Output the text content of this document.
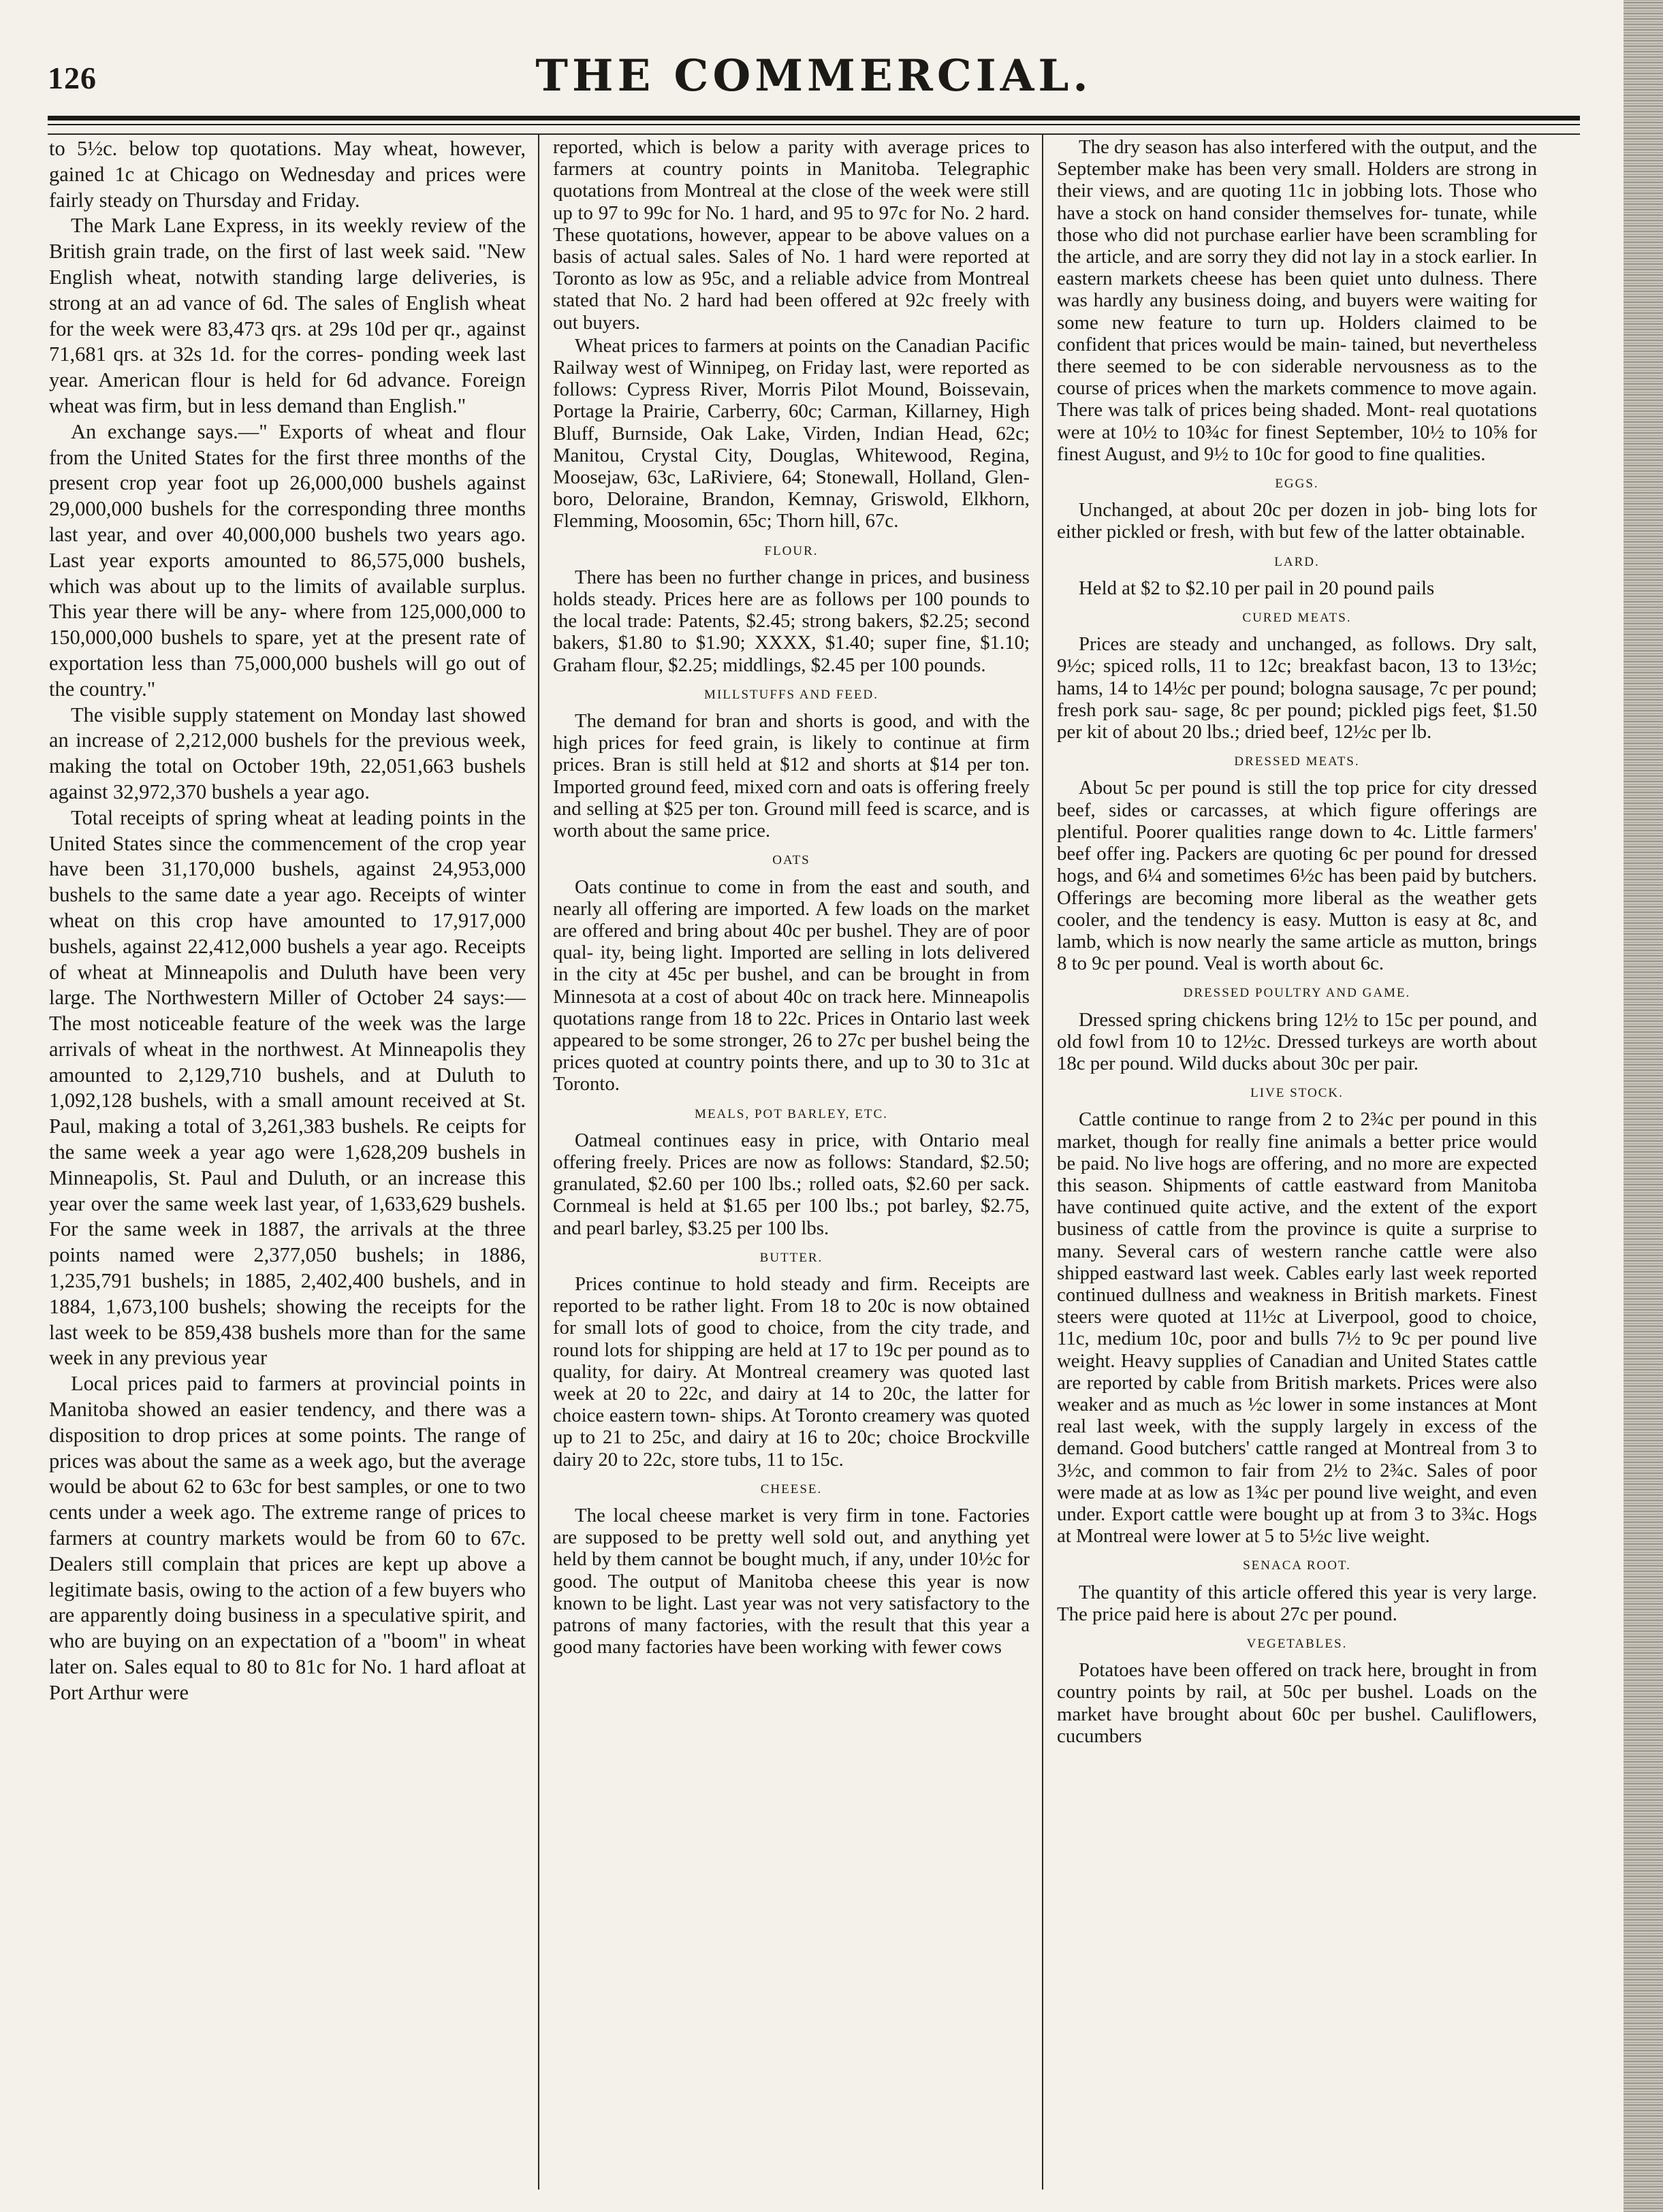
126	THE COMMERCIAL.

to 5½c. below top quotations. May wheat, however, gained 1c at Chicago on Wednesday and prices were fairly steady on Thursday and Friday.

The Mark Lane Express, in its weekly review of the British grain trade, on the first of last week said. "New English wheat, notwith standing large deliveries, is strong at an ad vance of 6d. The sales of English wheat for the week were 83,473 qrs. at 29s 10d per qr., against 71,681 qrs. at 32s 1d. for the corres- ponding week last year. American flour is held for 6d advance. Foreign wheat was firm, but in less demand than English."

An exchange says.—" Exports of wheat and flour from the United States for the first three months of the present crop year foot up 26,000,000 bushels against 29,000,000 bushels for the corresponding three months last year, and over 40,000,000 bushels two years ago. Last year exports amounted to 86,575,000 bushels, which was about up to the limits of available surplus. This year there will be any- where from 125,000,000 to 150,000,000 bushels to spare, yet at the present rate of exportation less than 75,000,000 bushels will go out of the country."

The visible supply statement on Monday last showed an increase of 2,212,000 bushels for the previous week, making the total on October 19th, 22,051,663 bushels against 32,972,370 bushels a year ago.

Total receipts of spring wheat at leading points in the United States since the commencement of the crop year have been 31,170,000 bushels, against 24,953,000 bushels to the same date a year ago. Receipts of winter wheat on this crop have amounted to 17,917,000 bushels, against 22,412,000 bushels a year ago. Receipts of wheat at Minneapolis and Duluth have been very large. The Northwestern Miller of October 24 says:—The most noticeable feature of the week was the large arrivals of wheat in the northwest. At Minneapolis they amounted to 2,129,710 bushels, and at Duluth to 1,092,128 bushels, with a small amount received at St. Paul, making a total of 3,261,383 bushels. Re ceipts for the same week a year ago were 1,628,209 bushels in Minneapolis, St. Paul and Duluth, or an increase this year over the same week last year, of 1,633,629 bushels. For the same week in 1887, the arrivals at the three points named were 2,377,050 bushels; in 1886, 1,235,791 bushels; in 1885, 2,402,400 bushels, and in 1884, 1,673,100 bushels; showing the receipts for the last week to be 859,438 bushels more than for the same week in any previous year

Local prices paid to farmers at provincial points in Manitoba showed an easier tendency, and there was a disposition to drop prices at some points. The range of prices was about the same as a week ago, but the average would be about 62 to 63c for best samples, or one to two cents under a week ago. The extreme range of prices to farmers at country markets would be from 60 to 67c. Dealers still complain that prices are kept up above a legitimate basis, owing to the action of a few buyers who are apparently doing business in a speculative spirit, and who are buying on an expectation of a "boom" in wheat later on. Sales equal to 80 to 81c for No. 1 hard afloat at Port Arthur were

reported, which is below a parity with average prices to farmers at country points in Manitoba. Telegraphic quotations from Montreal at the close of the week were still up to 97 to 99c for No. 1 hard, and 95 to 97c for No. 2 hard. These quotations, however, appear to be above values on a basis of actual sales. Sales of No. 1 hard were reported at Toronto as low as 95c, and a reliable advice from Montreal stated that No. 2 hard had been offered at 92c freely with out buyers.

Wheat prices to farmers at points on the Canadian Pacific Railway west of Winnipeg, on Friday last, were reported as follows: Cypress River, Morris Pilot Mound, Boissevain, Portage la Prairie, Carberry, 60c; Carman, Killarney, High Bluff, Burnside, Oak Lake, Virden, Indian Head, 62c; Manitou, Crystal City, Douglas, Whitewood, Regina, Moosejaw, 63c, LaRiviere, 64; Stonewall, Holland, Glen- boro, Deloraine, Brandon, Kemnay, Griswold, Elkhorn, Flemming, Moosomin, 65c; Thorn hill, 67c.

FLOUR.

There has been no further change in prices, and business holds steady. Prices here are as follows per 100 pounds to the local trade: Patents, $2.45; strong bakers, $2.25; second bakers, $1.80 to $1.90; XXXX, $1.40; super fine, $1.10; Graham flour, $2.25; middlings, $2.45 per 100 pounds.

MILLSTUFFS AND FEED.

The demand for bran and shorts is good, and with the high prices for feed grain, is likely to continue at firm prices. Bran is still held at $12 and shorts at $14 per ton. Imported ground feed, mixed corn and oats is offering freely and selling at $25 per ton. Ground mill feed is scarce, and is worth about the same price.

OATS

Oats continue to come in from the east and south, and nearly all offering are imported. A few loads on the market are offered and bring about 40c per bushel. They are of poor qual- ity, being light. Imported are selling in lots delivered in the city at 45c per bushel, and can be brought in from Minnesota at a cost of about 40c on track here. Minneapolis quotations range from 18 to 22c. Prices in Ontario last week appeared to be some stronger, 26 to 27c per bushel being the prices quoted at country points there, and up to 30 to 31c at Toronto.

MEALS, POT BARLEY, ETC.

Oatmeal continues easy in price, with Ontario meal offering freely. Prices are now as follows: Standard, $2.50; granulated, $2.60 per 100 lbs.; rolled oats, $2.60 per sack. Cornmeal is held at $1.65 per 100 lbs.; pot barley, $2.75, and pearl barley, $3.25 per 100 lbs.

BUTTER.

Prices continue to hold steady and firm. Receipts are reported to be rather light. From 18 to 20c is now obtained for small lots of good to choice, from the city trade, and round lots for shipping are held at 17 to 19c per pound as to quality, for dairy. At Montreal creamery was quoted last week at 20 to 22c, and dairy at 14 to 20c, the latter for choice eastern town- ships. At Toronto creamery was quoted up to 21 to 25c, and dairy at 16 to 20c; choice Brockville dairy 20 to 22c, store tubs, 11 to 15c.

CHEESE.

The local cheese market is very firm in tone. Factories are supposed to be pretty well sold out, and anything yet held by them cannot be bought much, if any, under 10½c for good. The output of Manitoba cheese this year is now known to be light. Last year was not very satisfactory to the patrons of many factories, with the result that this year a good many factories have been working with fewer cows

The dry season has also interfered with the output, and the September make has been very small. Holders are strong in their views, and are quoting 11c in jobbing lots. Those who have a stock on hand consider themselves for- tunate, while those who did not purchase earlier have been scrambling for the article, and are sorry they did not lay in a stock earlier. In eastern markets cheese has been quiet unto dulness. There was hardly any business doing, and buyers were waiting for some new feature to turn up. Holders claimed to be confident that prices would be main- tained, but nevertheless there seemed to be con siderable nervousness as to the course of prices when the markets commence to move again. There was talk of prices being shaded. Mont- real quotations were at 10½ to 10¾c for finest September, 10½ to 10⅝ for finest August, and 9½ to 10c for good to fine qualities.

EGGS.

Unchanged, at about 20c per dozen in job- bing lots for either pickled or fresh, with but few of the latter obtainable.

LARD.

Held at $2 to $2.10 per pail in 20 pound pails

CURED MEATS.

Prices are steady and unchanged, as follows. Dry salt, 9½c; spiced rolls, 11 to 12c; breakfast bacon, 13 to 13½c; hams, 14 to 14½c per pound; bologna sausage, 7c per pound; fresh pork sau- sage, 8c per pound; pickled pigs feet, $1.50 per kit of about 20 lbs.; dried beef, 12½c per lb.

DRESSED MEATS.

About 5c per pound is still the top price for city dressed beef, sides or carcasses, at which figure offerings are plentiful. Poorer qualities range down to 4c. Little farmers' beef offer ing. Packers are quoting 6c per pound for dressed hogs, and 6¼ and sometimes 6½c has been paid by butchers. Offerings are becoming more liberal as the weather gets cooler, and the tendency is easy. Mutton is easy at 8c, and lamb, which is now nearly the same article as mutton, brings 8 to 9c per pound. Veal is worth about 6c.

DRESSED POULTRY AND GAME.

Dressed spring chickens bring 12½ to 15c per pound, and old fowl from 10 to 12½c. Dressed turkeys are worth about 18c per pound. Wild ducks about 30c per pair.

LIVE STOCK.

Cattle continue to range from 2 to 2¾c per pound in this market, though for really fine animals a better price would be paid. No live hogs are offering, and no more are expected this season. Shipments of cattle eastward from Manitoba have continued quite active, and the extent of the export business of cattle from the province is quite a surprise to many. Several cars of western ranche cattle were also shipped eastward last week. Cables early last week reported continued dullness and weakness in British markets. Finest steers were quoted at 11½c at Liverpool, good to choice, 11c, medium 10c, poor and bulls 7½ to 9c per pound live weight. Heavy supplies of Canadian and United States cattle are reported by cable from British markets. Prices were also weaker and as much as ½c lower in some instances at Mont real last week, with the supply largely in excess of the demand. Good butchers' cattle ranged at Montreal from 3 to 3½c, and common to fair from 2½ to 2¾c. Sales of poor were made at as low as 1¾c per pound live weight, and even under. Export cattle were bought up at from 3 to 3¾c. Hogs at Montreal were lower at 5 to 5½c live weight.

SENACA ROOT.

The quantity of this article offered this year is very large. The price paid here is about 27c per pound.

VEGETABLES.

Potatoes have been offered on track here, brought in from country points by rail, at 50c per bushel. Loads on the market have brought about 60c per bushel. Cauliflowers, cucumbers
